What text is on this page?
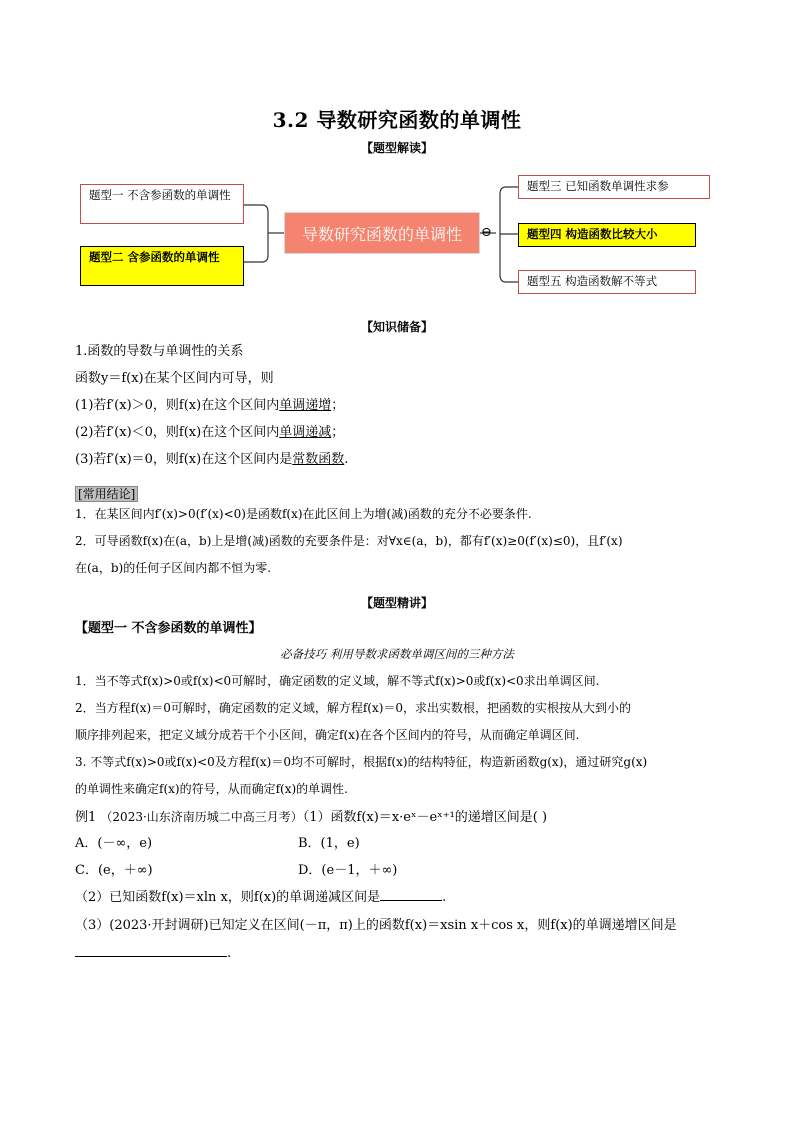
3.2 导数研究函数的单调性
【题型解读】
⊖
题型一 不含参函数的单调性
题型二 含参函数的单调性
导数研究函数的单调性
题型三 已知函数单调性求参
题型四 构造函数比较大小
题型五 构造函数解不等式
【知识储备】
1.函数的导数与单调性的关系
函数y＝f(x)在某个区间内可导，则
(1)若f′(x)＞0，则f(x)在这个区间内单调递增；
(2)若f′(x)＜0，则f(x)在这个区间内单调递减；
(3)若f′(x)＝0，则f(x)在这个区间内是常数函数.
[常用结论]
1．在某区间内f′(x)>0(f′(x)<0)是函数f(x)在此区间上为增(减)函数的充分不必要条件.
2．可导函数f(x)在(a，b)上是增(减)函数的充要条件是：对∀x∈(a，b)，都有f′(x)≥0(f′(x)≤0)，且f′(x)
在(a，b)的任何子区间内都不恒为零.
【题型精讲】
【题型一 不含参函数的单调性】
必备技巧 利用导数求函数单调区间的三种方法
1．当不等式f(x)>0或f(x)<0可解时，确定函数的定义域，解不等式f(x)>0或f(x)<0求出单调区间.
2．当方程f(x)＝0可解时，确定函数的定义域，解方程f(x)＝0，求出实数根，把函数的实根按从大到小的
顺序排列起来，把定义域分成若干个小区间，确定f(x)在各个区间内的符号，从而确定单调区间.
3. 不等式f(x)>0或f(x)<0及方程f(x)＝0均不可解时，根据f(x)的结构特征，构造新函数g(x)，通过研究g(x)
的单调性来确定f(x)的符号，从而确定f(x)的单调性.
例1 （2023·山东济南历城二中高三月考）（1）函数f(x)＝x·eˣ－eˣ⁺¹的递增区间是( )
A．(－∞，e)	B．(1，e)
C．(e，＋∞)	D．(e－1，＋∞)
（2）已知函数f(x)＝xln x，则f(x)的单调递减区间是	.
（3）(2023·开封调研)已知定义在区间(－π，π)上的函数f(x)＝xsin x＋cos x，则f(x)的单调递增区间是
.
